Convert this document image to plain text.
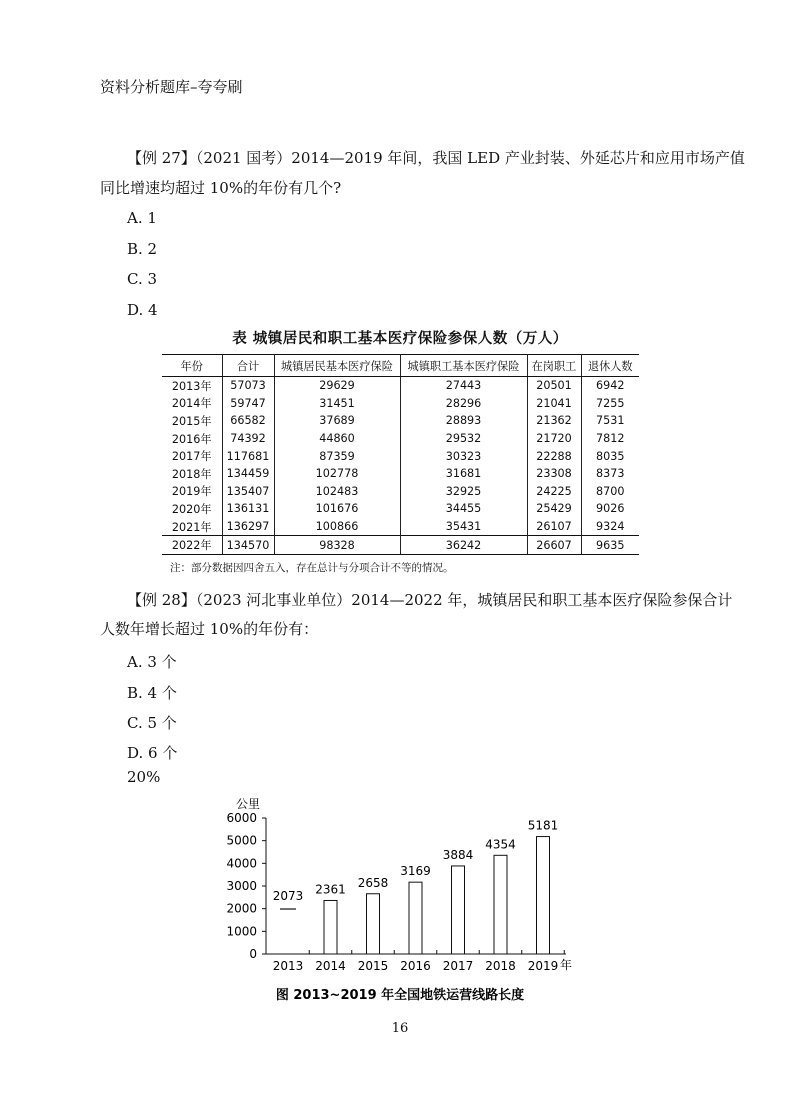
资料分析题库–夸夸刷
【例 27】（2021 国考）2014—2019 年间，我国 LED 产业封装、外延芯片和应用市场产值
同比增速均超过 10%的年份有几个?
A. 1
B. 2
C. 3
D. 4
表 城镇居民和职工基本医疗保险参保人数（万人）
年份	合计	城镇居民基本医疗保险	城镇职工基本医疗保险	在岗职工	退休人数
2013年	57073	29629	27443	20501	6942
2014年	59747	31451	28296	21041	7255
2015年	66582	37689	28893	21362	7531
2016年	74392	44860	29532	21720	7812
2017年	117681	87359	30323	22288	8035
2018年	134459	102778	31681	23308	8373
2019年	135407	102483	32925	24225	8700
2020年	136131	101676	34455	25429	9026
2021年	136297	100866	35431	26107	9324
2022年	134570	98328	36242	26607	9635
注：部分数据因四舍五入，存在总计与分项合计不等的情况。
【例 28】（2023 河北事业单位）2014—2022 年，城镇居民和职工基本医疗保险参保合计
人数年增长超过 10%的年份有：
A. 3 个
B. 4 个
C. 5 个
D. 6 个
20%
公里
年
0
1000
2000
3000
4000
5000
6000
2013 2014 2015 2016 2017 2018 2019
2073 2361 2658
3169
3884
4354
5181
图 2013~2019 年全国地铁运营线路长度
16
